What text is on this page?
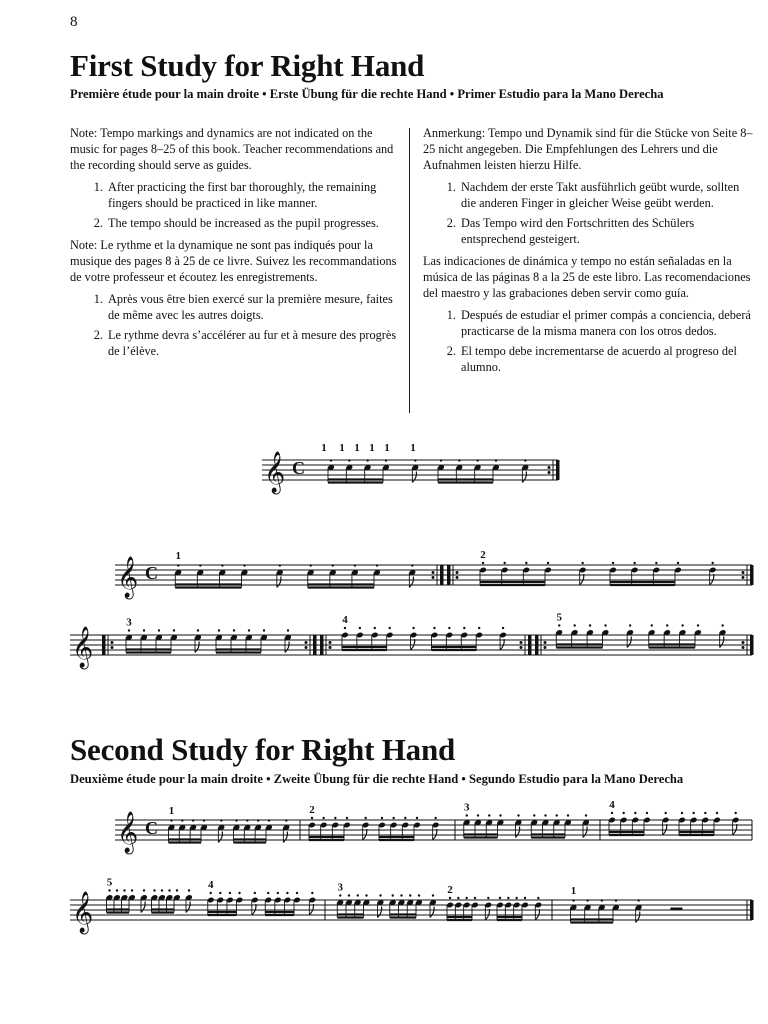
8
First Study for Right Hand
Première étude pour la main droite • Erste Übung für die rechte Hand • Primer Estudio para la Mano Derecha

Note: Tempo markings and dynamics are not indicated on the music for pages 8–25 of this book. Teacher recommendations and the recording should serve as guides.

1. After practicing the first bar thoroughly, the remaining fingers should be practiced in like manner.
2. The tempo should be increased as the pupil progresses.

Note: Le rythme et la dynamique ne sont pas indiqués pour la musique des pages 8 à 25 de ce livre. Suivez les recommandations de votre professeur et écoutez les enregistrements.

1. Après vous être bien exercé sur la première mesure, faites de même avec les autres doigts.
2. Le rythme devra s’accélérer au fur et à mesure des progrès de l’élève.

Anmerkung: Tempo und Dynamik sind für die Stücke von Seite 8–25 nicht angegeben. Die Empfehlungen des Lehrers und die Aufnahmen leisten hierzu Hilfe.

1. Nachdem der erste Takt ausführlich geübt wurde, sollten die anderen Finger in gleicher Weise geübt werden.
2. Das Tempo wird den Fortschritten des Schülers entsprechend gesteigert.

Las indicaciones de dinámica y tempo no están señaladas en la música de las páginas 8 a la 25 de este libro. Las recomendaciones del maestro y las grabaciones deben servir como guía.

1. Después de estudiar el primer compás a conciencia, deberá practicarse de la misma manera con los otros dedos.
2. El tempo debe incrementarse de acuerdo al progreso del alumno.
𝄞 C
1 1 1 1 1 1
𝄞 C
1	2
𝄞
3	4	5
Second Study for Right Hand
Deuxième étude pour la main droite • Zweite Übung für die rechte Hand • Segundo Estudio para la Mano Derecha
𝄞 C
1	2	3	4
𝄞
5	4	3	2	1
